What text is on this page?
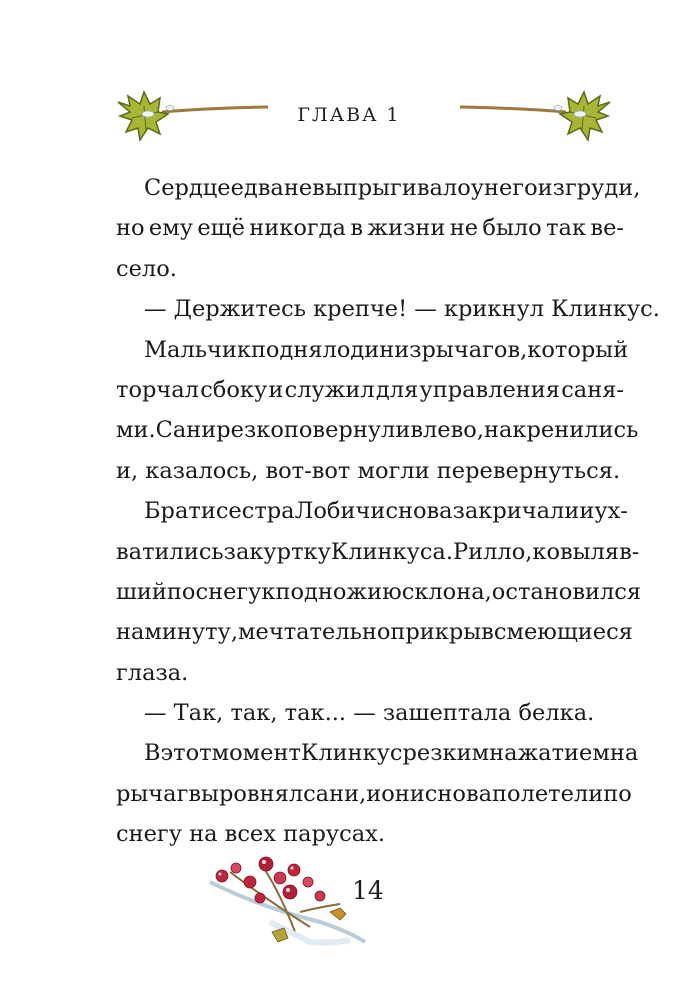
ГЛАВА 1
Сердце едва не выпрыгивало у него из груди,
но ему ещё никогда в жизни не было так ве-
село.
— Держитесь крепче! — крикнул Клинкус.
Мальчик поднял один из рычагов, который
торчал сбоку и служил для управления саня-
ми. Сани резко повернули влево, накренились
и, казалось, вот-вот могли перевернуться.
Брат и сестра Лобичи снова закричали и ух-
ватились за куртку Клинкуса. Рилло, ковыляв-
ший по снегу к подножию склона, остановился
на минуту, мечтательно прикрыв смеющиеся
глаза.
— Так, так, так... — зашептала белка.
В этот момент Клинкус резким нажатием на
рычаг выровнял сани, и они снова полетели по
снегу на всех парусах.
14
